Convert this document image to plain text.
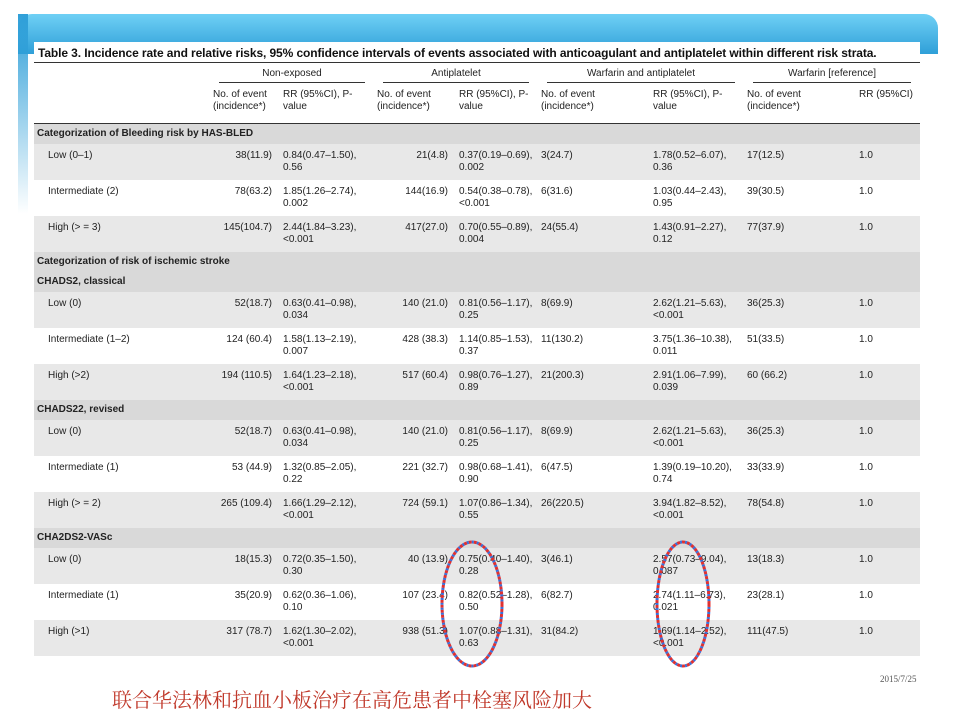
Table 3. Incidence rate and relative risks, 95% confidence intervals of events associated with anticoagulant and antiplatelet within different risk strata.

	Non-exposed		Antiplatelet		Warfarin and antiplatelet		Warfarin [reference]	

	No. of event (incidence*)	RR (95%CI), P-value	No. of event (incidence*)	RR (95%CI), P-value	No. of event (incidence*)	RR (95%CI), P-value	No. of event (incidence*)	RR (95%CI)
Categorization of Bleeding risk by HAS-BLED								
Low (0–1)	38(11.9)	0.84(0.47–1.50), 0.56	21(4.8)	0.37(0.19–0.69), 0.002	3(24.7)	1.78(0.52–6.07), 0.36	17(12.5)	1.0
Intermediate (2)	78(63.2)	1.85(1.26–2.74), 0.002	144(16.9)	0.54(0.38–0.78), <0.001	6(31.6)	1.03(0.44–2.43), 0.95	39(30.5)	1.0
High (> = 3)	145(104.7)	2.44(1.84–3.23), <0.001	417(27.0)	0.70(0.55–0.89), 0.004	24(55.4)	1.43(0.91–2.27), 0.12	77(37.9)	1.0
Categorization of risk of ischemic stroke								
CHADS2, classical								
Low (0)	52(18.7)	0.63(0.41–0.98), 0.034	140 (21.0)	0.81(0.56–1.17), 0.25	8(69.9)	2.62(1.21–5.63), <0.001	36(25.3)	1.0
Intermediate (1–2)	124 (60.4)	1.58(1.13–2.19), 0.007	428 (38.3)	1.14(0.85–1.53), 0.37	11(130.2)	3.75(1.36–10.38), 0.011	51(33.5)	1.0
High (>2)	194 (110.5)	1.64(1.23–2.18), <0.001	517 (60.4)	0.98(0.76–1.27), 0.89	21(200.3)	2.91(1.06–7.99), 0.039	60 (66.2)	1.0
CHADS22, revised								
Low (0)	52(18.7)	0.63(0.41–0.98), 0.034	140 (21.0)	0.81(0.56–1.17), 0.25	8(69.9)	2.62(1.21–5.63), <0.001	36(25.3)	1.0
Intermediate (1)	53 (44.9)	1.32(0.85–2.05), 0.22	221 (32.7)	0.98(0.68–1.41), 0.90	6(47.5)	1.39(0.19–10.20), 0.74	33(33.9)	1.0
High (> = 2)	265 (109.4)	1.66(1.29–2.12), <0.001	724 (59.1)	1.07(0.86–1.34), 0.55	26(220.5)	3.94(1.82–8.52), <0.001	78(54.8)	1.0
CHA2DS2-VASc								
Low (0)	18(15.3)	0.72(0.35–1.50), 0.30	40 (13.9)	0.75(0.40–1.40), 0.28	3(46.1)	2.57(0.73–9.04), 0.087	13(18.3)	1.0
Intermediate (1)	35(20.9)	0.62(0.36–1.06), 0.10	107 (23.4)	0.82(0.52–1.28), 0.50	6(82.7)	2.74(1.11–6.73), 0.021	23(28.1)	1.0
High (>1)	317 (78.7)	1.62(1.30–2.02), <0.001	938 (51.3)	1.07(0.88–1.31), 0.63	31(84.2)	1.69(1.14–2.52), <0.001	111(47.5)	1.0
2015/7/25
联合华法林和抗血小板治疗在高危患者中栓塞风险加大
